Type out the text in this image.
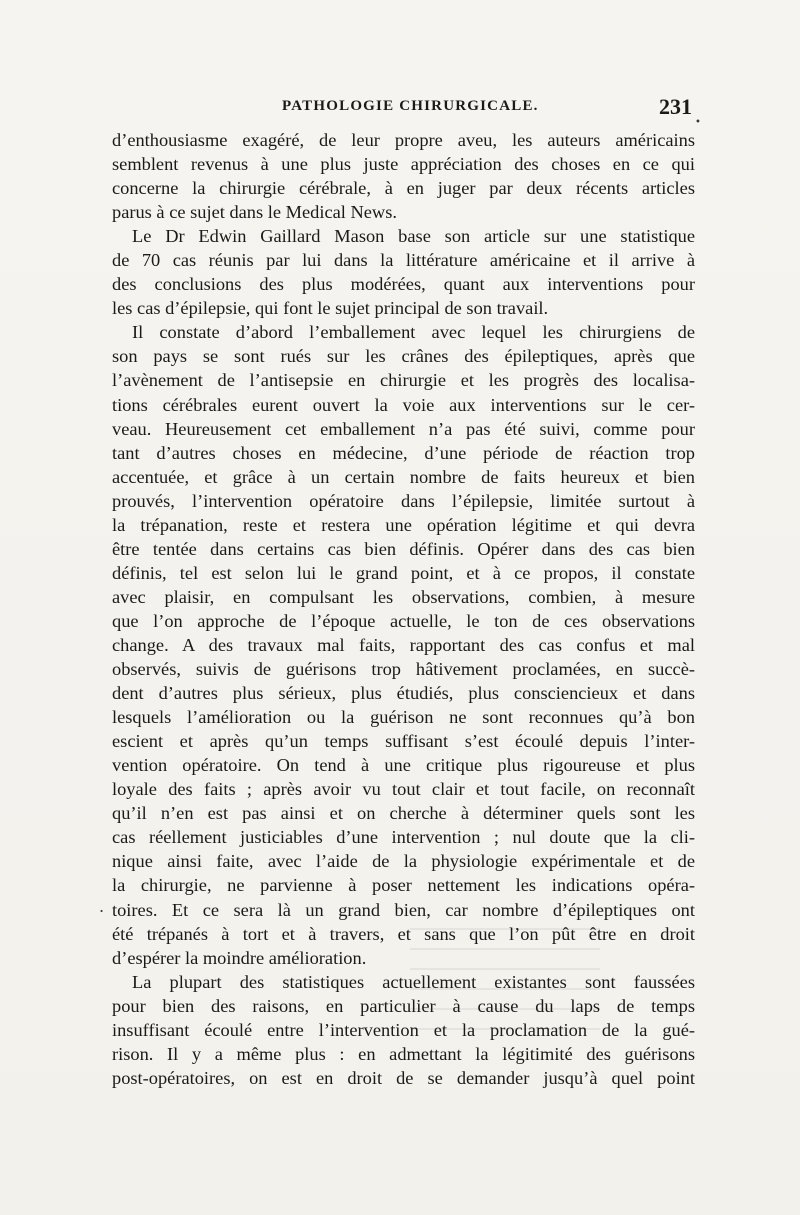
PATHOLOGIE CHIRURGICALE.	231
•
.
d’enthousiasme exagéré, de leur propre aveu, les auteurs américains
semblent revenus à une plus juste appréciation des choses en ce qui
concerne la chirurgie cérébrale, à en juger par deux récents articles
parus à ce sujet dans le Medical News.
Le Dr Edwin Gaillard Mason base son article sur une statistique
de 70 cas réunis par lui dans la littérature américaine et il arrive à
des conclusions des plus modérées, quant aux interventions pour
les cas d’épilepsie, qui font le sujet principal de son travail.
Il constate d’abord l’emballement avec lequel les chirurgiens de
son pays se sont rués sur les crânes des épileptiques, après que
l’avènement de l’antisepsie en chirurgie et les progrès des localisa-
tions cérébrales eurent ouvert la voie aux interventions sur le cer-
veau. Heureusement cet emballement n’a pas été suivi, comme pour
tant d’autres choses en médecine, d’une période de réaction trop
accentuée, et grâce à un certain nombre de faits heureux et bien
prouvés, l’intervention opératoire dans l’épilepsie, limitée surtout à
la trépanation, reste et restera une opération légitime et qui devra
être tentée dans certains cas bien définis. Opérer dans des cas bien
définis, tel est selon lui le grand point, et à ce propos, il constate
avec plaisir, en compulsant les observations, combien, à mesure
que l’on approche de l’époque actuelle, le ton de ces observations
change. A des travaux mal faits, rapportant des cas confus et mal
observés, suivis de guérisons trop hâtivement proclamées, en succè-
dent d’autres plus sérieux, plus étudiés, plus consciencieux et dans
lesquels l’amélioration ou la guérison ne sont reconnues qu’à bon
escient et après qu’un temps suffisant s’est écoulé depuis l’inter-
vention opératoire. On tend à une critique plus rigoureuse et plus
loyale des faits ; après avoir vu tout clair et tout facile, on reconnaît
qu’il n’en est pas ainsi et on cherche à déterminer quels sont les
cas réellement justiciables d’une intervention ; nul doute que la cli-
nique ainsi faite, avec l’aide de la physiologie expérimentale et de
la chirurgie, ne parvienne à poser nettement les indications opéra-
toires. Et ce sera là un grand bien, car nombre d’épileptiques ont
été trépanés à tort et à travers, et sans que l’on pût être en droit
d’espérer la moindre amélioration.
La plupart des statistiques actuellement existantes sont faussées
pour bien des raisons, en particulier à cause du laps de temps
insuffisant écoulé entre l’intervention et la proclamation de la gué-
rison. Il y a même plus : en admettant la légitimité des guérisons
post-opératoires, on est en droit de se demander jusqu’à quel point
